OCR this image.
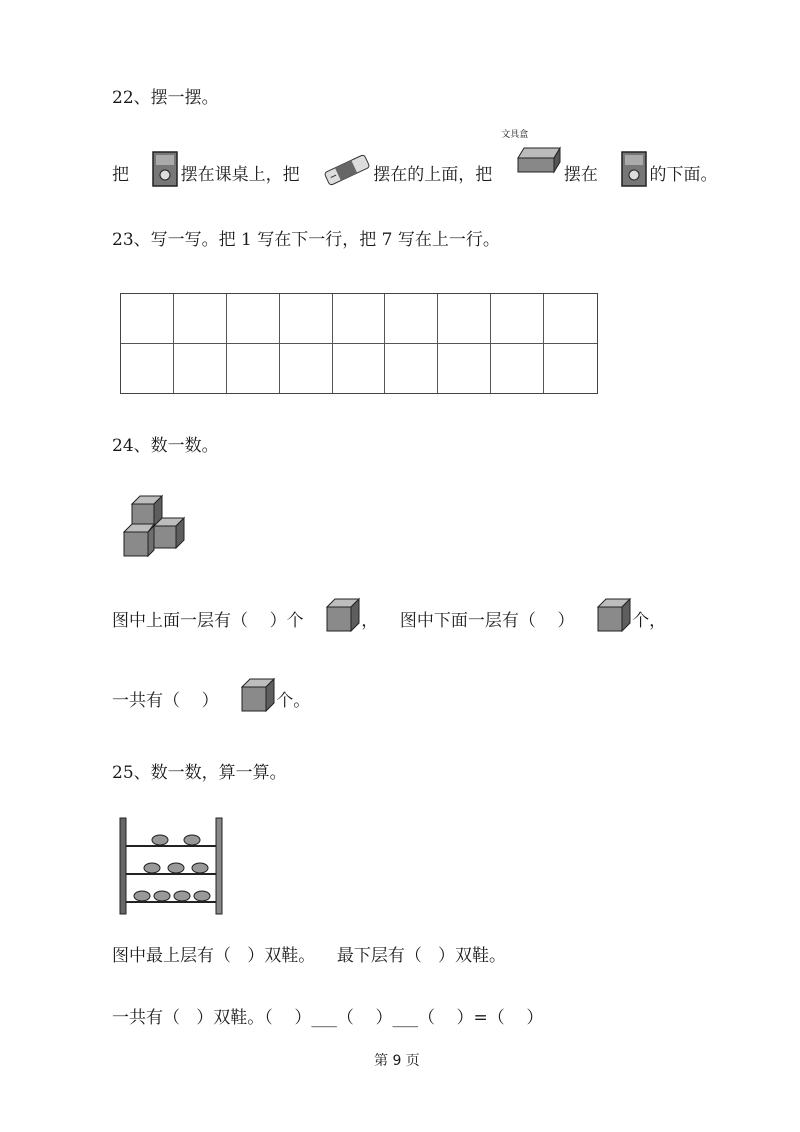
22、摆一摆。
把

	摆在课桌上，把

	摆在的上面，把

文具盒

摆在

	的下面。
23、写一写。把 1 写在下一行，把 7 写在上一行。
24、数一数。
图中上面一层有（    ）个

	，    图中下面一层有（    ）

	个，
一共有（    ）

	个。
25、数一数，算一算。
图中最上层有（   ）双鞋。    最下层有（   ）双鞋。
一共有（   ）双鞋。（    ）___（    ）___（    ）=（    ）
第 9 页
